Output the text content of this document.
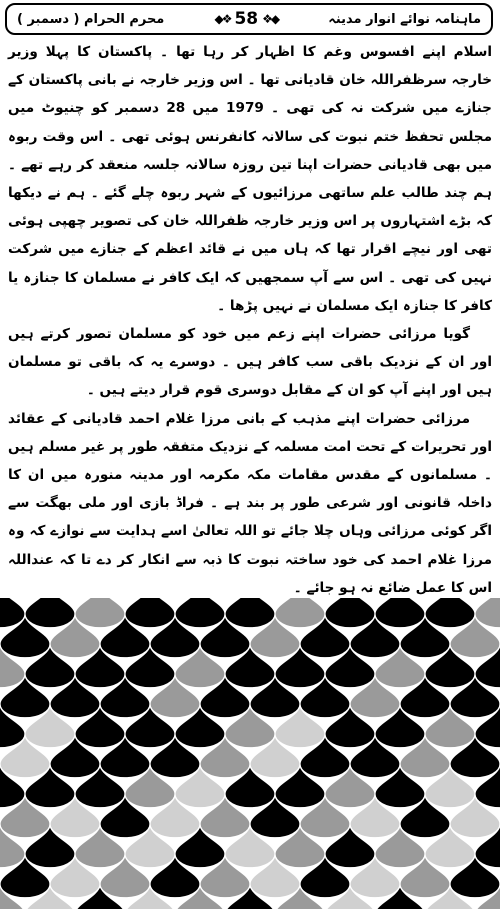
محرم الحرام ( دسمبر )	◆❖ 58 ❖◆	ماہنامہ نوائے انوار مدینہ

اسلام اپنے افسوس وغم کا اظہار کر رہا تھا ۔ پاکستان کا پہلا وزیر خارجہ سرظفراللہ خان قادیانی تھا ۔ اس وزیر خارجہ نے بانی پاکستان کے جنازے میں شرکت نہ کی تھی ۔ 1979 میں 28 دسمبر کو چنیوٹ میں مجلس تحفظ ختم نبوت کی سالانہ کانفرنس ہوئی تھی ۔ اس وقت ربوہ میں بھی قادیانی حضرات اپنا تین روزہ سالانہ جلسہ منعقد کر رہے تھے ۔ ہم چند طالب علم ساتھی مرزائیوں کے شہر ربوہ چلے گئے ۔ ہم نے دیکھا کہ بڑے اشتہاروں پر اس وزیر خارجہ ظفراللہ خان کی تصویر چھپی ہوئی تھی اور نیچے اقرار تھا کہ ہاں میں نے قائد اعظم کے جنازے میں شرکت نہیں کی تھی ۔ اس سے آپ سمجھیں کہ ایک کافر نے مسلمان کا جنازہ یا کافر کا جنازہ ایک مسلمان نے نہیں پڑھا ۔

گویا مرزائی حضرات اپنے زعم میں خود کو مسلمان تصور کرتے ہیں اور ان کے نزدیک باقی سب کافر ہیں ۔ دوسرے یہ کہ باقی تو مسلمان ہیں اور اپنے آپ کو ان کے مقابل دوسری قوم قرار دیتے ہیں ۔

مرزائی حضرات اپنے مذہب کے بانی مرزا غلام احمد قادیانی کے عقائد اور تحریرات کے تحت امت مسلمہ کے نزدیک متفقہ طور پر غیر مسلم ہیں ۔ مسلمانوں کے مقدس مقامات مکہ مکرمہ اور مدینہ منورہ میں ان کا داخلہ قانونی اور شرعی طور پر بند ہے ۔ فراڈ بازی اور ملی بھگت سے اگر کوئی مرزائی وہاں چلا جائے تو اللہ تعالیٰ اسے ہدایت سے نوازے کہ وہ مرزا غلام احمد کی خود ساختہ نبوت کا ذبہ سے انکار کر دے تا کہ عنداللہ اس کا عمل ضائع نہ ہو جائے ۔
